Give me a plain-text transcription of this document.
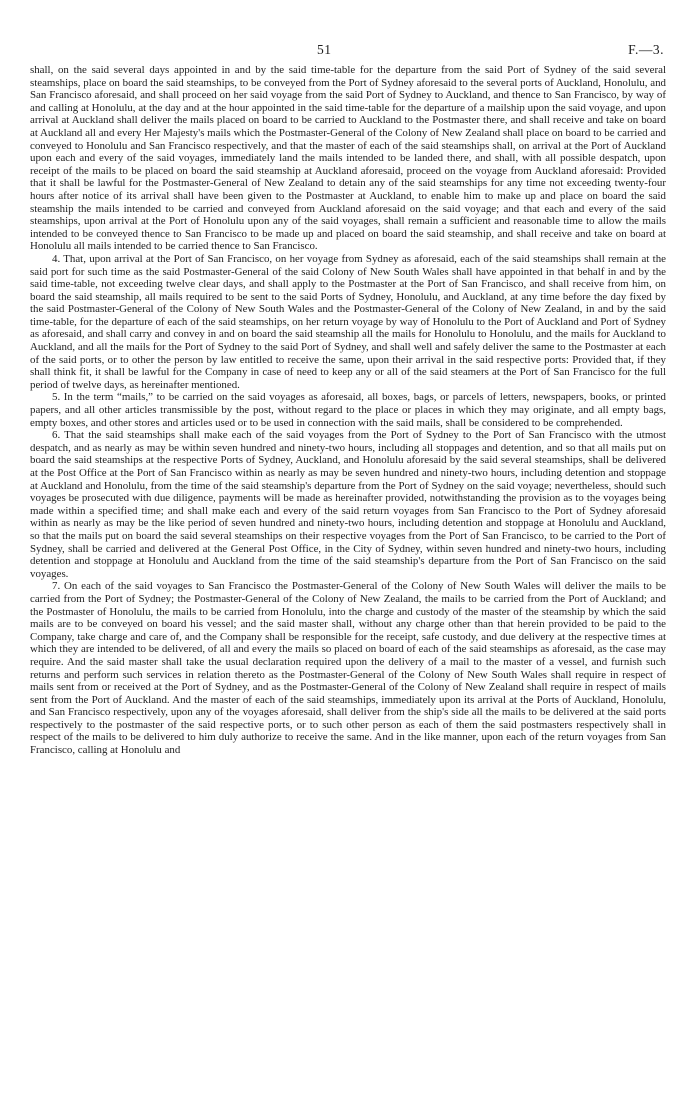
51	F.—3.

shall, on the said several days appointed in and by the said time-table for the departure from the said Port of Sydney of the said several steamships, place on board the said steamships, to be conveyed from the Port of Sydney aforesaid to the several ports of Auckland, Honolulu, and San Francisco aforesaid, and shall proceed on her said voyage from the said Port of Sydney to Auckland, and thence to San Francisco, by way of and calling at Honolulu, at the day and at the hour appointed in the said time-table for the departure of a mailship upon the said voyage, and upon arrival at Auckland shall deliver the mails placed on board to be carried to Auckland to the Postmaster there, and shall receive and take on board at Auckland all and every Her Majesty's mails which the Postmaster-General of the Colony of New Zealand shall place on board to be carried and conveyed to Honolulu and San Francisco respectively, and that the master of each of the said steamships shall, on arrival at the Port of Auckland upon each and every of the said voyages, immediately land the mails intended to be landed there, and shall, with all possible despatch, upon receipt of the mails to be placed on board the said steamship at Auckland aforesaid, proceed on the voyage from Auckland aforesaid: Provided that it shall be lawful for the Postmaster-General of New Zealand to detain any of the said steamships for any time not exceeding twenty-four hours after notice of its arrival shall have been given to the Postmaster at Auckland, to enable him to make up and place on board the said steamship the mails intended to be carried and conveyed from Auckland aforesaid on the said voyage; and that each and every of the said steamships, upon arrival at the Port of Honolulu upon any of the said voyages, shall remain a sufficient and reasonable time to allow the mails intended to be conveyed thence to San Francisco to be made up and placed on board the said steamship, and shall receive and take on board at Honolulu all mails intended to be carried thence to San Francisco.

4. That, upon arrival at the Port of San Francisco, on her voyage from Sydney as aforesaid, each of the said steamships shall remain at the said port for such time as the said Postmaster-General of the said Colony of New South Wales shall have appointed in that behalf in and by the said time-table, not exceeding twelve clear days, and shall apply to the Postmaster at the Port of San Francisco, and shall receive from him, on board the said steamship, all mails required to be sent to the said Ports of Sydney, Honolulu, and Auckland, at any time before the day fixed by the said Postmaster-General of the Colony of New South Wales and the Postmaster-General of the Colony of New Zealand, in and by the said time-table, for the departure of each of the said steamships, on her return voyage by way of Honolulu to the Port of Auckland and Port of Sydney as aforesaid, and shall carry and convey in and on board the said steamship all the mails for Honolulu to Honolulu, and the mails for Auckland to Auckland, and all the mails for the Port of Sydney to the said Port of Sydney, and shall well and safely deliver the same to the Postmaster at each of the said ports, or to other the person by law entitled to receive the same, upon their arrival in the said respective ports: Provided that, if they shall think fit, it shall be lawful for the Company in case of need to keep any or all of the said steamers at the Port of San Francisco for the full period of twelve days, as hereinafter mentioned.

5. In the term “mails,” to be carried on the said voyages as aforesaid, all boxes, bags, or parcels of letters, newspapers, books, or printed papers, and all other articles transmissible by the post, without regard to the place or places in which they may originate, and all empty bags, empty boxes, and other stores and articles used or to be used in connection with the said mails, shall be considered to be comprehended.

6. That the said steamships shall make each of the said voyages from the Port of Sydney to the Port of San Francisco with the utmost despatch, and as nearly as may be within seven hundred and ninety-two hours, including all stoppages and detention, and so that all mails put on board the said steamships at the respective Ports of Sydney, Auckland, and Honolulu aforesaid by the said several steamships, shall be delivered at the Post Office at the Port of San Francisco within as nearly as may be seven hundred and ninety-two hours, including detention and stoppage at Auckland and Honolulu, from the time of the said steamship's departure from the Port of Sydney on the said voyage; nevertheless, should such voyages be prosecuted with due diligence, payments will be made as hereinafter provided, notwithstanding the provision as to the voyages being made within a specified time; and shall make each and every of the said return voyages from San Francisco to the Port of Sydney aforesaid within as nearly as may be the like period of seven hundred and ninety-two hours, including detention and stoppage at Honolulu and Auckland, so that the mails put on board the said several steamships on their respective voyages from the Port of San Francisco, to be carried to the Port of Sydney, shall be carried and delivered at the General Post Office, in the City of Sydney, within seven hundred and ninety-two hours, including detention and stoppage at Honolulu and Auckland from the time of the said steamship's departure from the Port of San Francisco on the said voyages.

7. On each of the said voyages to San Francisco the Postmaster-General of the Colony of New South Wales will deliver the mails to be carried from the Port of Sydney; the Postmaster-General of the Colony of New Zealand, the mails to be carried from the Port of Auckland; and the Postmaster of Honolulu, the mails to be carried from Honolulu, into the charge and custody of the master of the steamship by which the said mails are to be conveyed on board his vessel; and the said master shall, without any charge other than that herein provided to be paid to the Company, take charge and care of, and the Company shall be responsible for the receipt, safe custody, and due delivery at the respective times at which they are intended to be delivered, of all and every the mails so placed on board of each of the said steamships as aforesaid, as the case may require. And the said master shall take the usual declaration required upon the delivery of a mail to the master of a vessel, and furnish such returns and perform such services in relation thereto as the Postmaster-General of the Colony of New South Wales shall require in respect of mails sent from or received at the Port of Sydney, and as the Postmaster-General of the Colony of New Zealand shall require in respect of mails sent from the Port of Auckland. And the master of each of the said steamships, immediately upon its arrival at the Ports of Auckland, Honolulu, and San Francisco respectively, upon any of the voyages aforesaid, shall deliver from the ship's side all the mails to be delivered at the said ports respectively to the postmaster of the said respective ports, or to such other person as each of them the said postmasters respectively shall in respect of the mails to be delivered to him duly authorize to receive the same. And in the like manner, upon each of the return voyages from San Francisco, calling at Honolulu and
